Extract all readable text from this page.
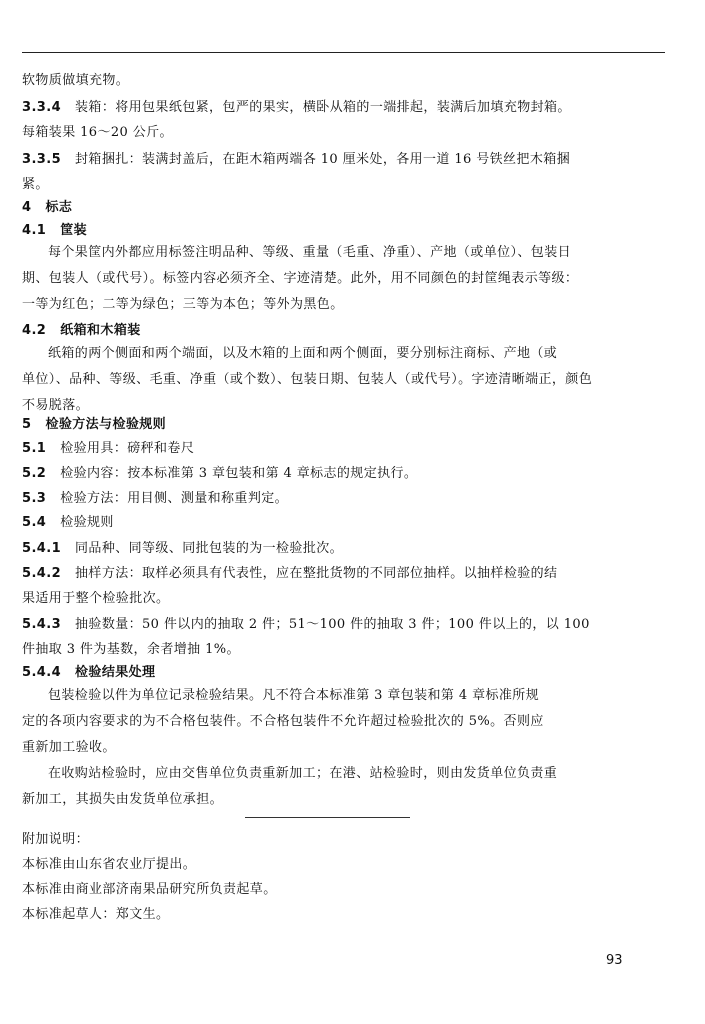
软物质做填充物。
3.3.4 装箱：将用包果纸包紧，包严的果实，横卧从箱的一端排起，装满后加填充物封箱。
每箱装果 16～20 公斤。
3.3.5 封箱捆扎：装满封盖后，在距木箱两端各 10 厘米处，各用一道 16 号铁丝把木箱捆
紧。
4 标志
4.1 筐装
每个果筐内外都应用标签注明品种、等级、重量（毛重、净重）、产地（或单位）、包装日
期、包装人（或代号）。标签内容必须齐全、字迹清楚。此外，用不同颜色的封筐绳表示等级：
一等为红色；二等为绿色；三等为本色；等外为黑色。
4.2 纸箱和木箱装
纸箱的两个侧面和两个端面，以及木箱的上面和两个侧面，要分别标注商标、产地（或
单位）、品种、等级、毛重、净重（或个数）、包装日期、包装人（或代号）。字迹清晰端正，颜色
不易脱落。
5 检验方法与检验规则
5.1 检验用具：磅秤和卷尺
5.2 检验内容：按本标准第 3 章包装和第 4 章标志的规定执行。
5.3 检验方法：用目侧、测量和称重判定。
5.4 检验规则
5.4.1 同品种、同等级、同批包装的为一检验批次。
5.4.2 抽样方法：取样必须具有代表性，应在整批货物的不同部位抽样。以抽样检验的结
果适用于整个检验批次。
5.4.3 抽验数量：50 件以内的抽取 2 件；51～100 件的抽取 3 件；100 件以上的，以 100
件抽取 3 件为基数，余者增抽 1%。
5.4.4 检验结果处理
包装检验以件为单位记录检验结果。凡不符合本标准第 3 章包装和第 4 章标准所规
定的各项内容要求的为不合格包装件。不合格包装件不允许超过检验批次的 5%。否则应
重新加工验收。
在收购站检验时，应由交售单位负责重新加工；在港、站检验时，则由发货单位负责重
新加工，其损失由发货单位承担。
附加说明：
本标准由山东省农业厅提出。
本标准由商业部济南果品研究所负责起草。
本标准起草人：郑文生。
93
